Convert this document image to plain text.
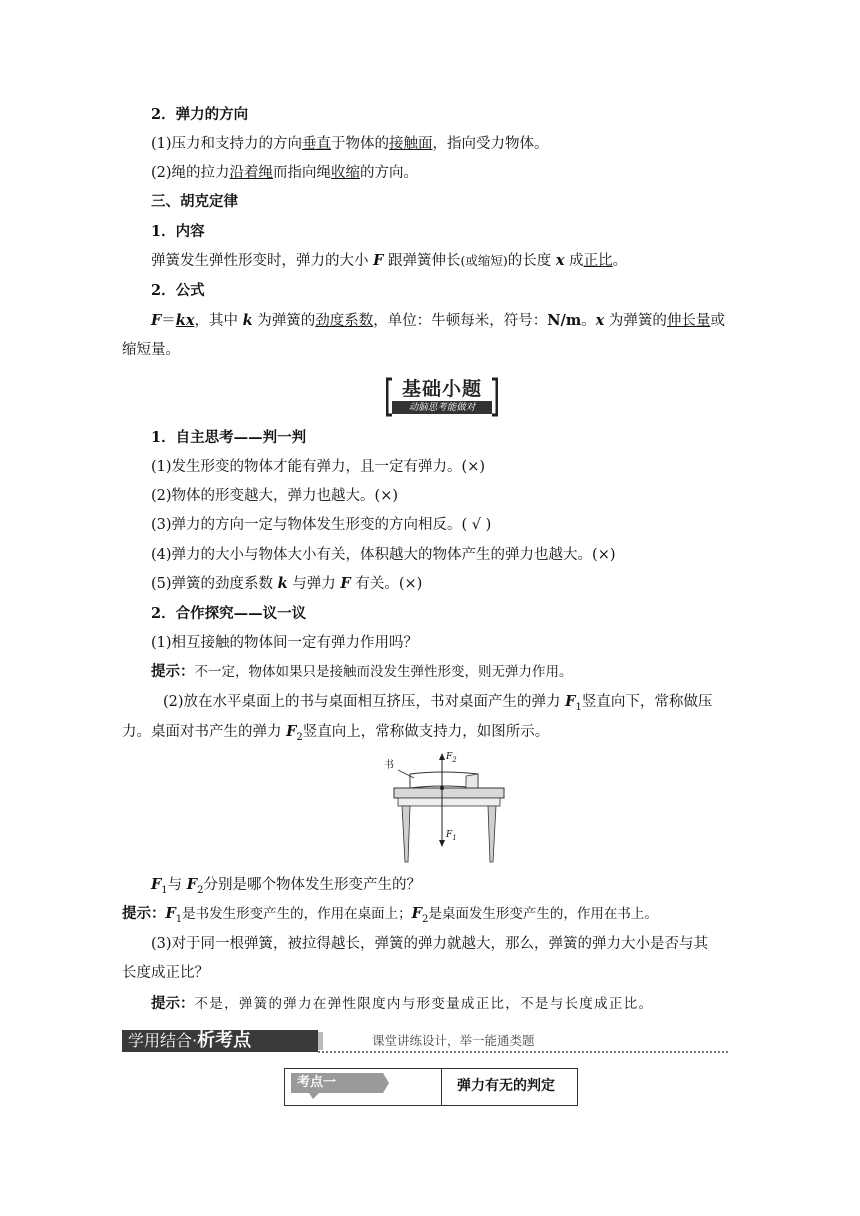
2．弹力的方向
(1)压力和支持力的方向垂直于物体的接触面，指向受力物体。
(2)绳的拉力沿着绳而指向绳收缩的方向。
三、胡克定律
1．内容
弹簧发生弹性形变时，弹力的大小 F 跟弹簧伸长(或缩短)的长度 x 成正比。
2．公式
F＝kx，其中 k 为弹簧的劲度系数，单位：牛顿每米，符号：N/m。x 为弹簧的伸长量或
缩短量。
基础小题
动脑思考能做对
1．自主思考——判一判
(1)发生形变的物体才能有弹力，且一定有弹力。(×)
(2)物体的形变越大，弹力也越大。(×)
(3)弹力的方向一定与物体发生形变的方向相反。( √ )
(4)弹力的大小与物体大小有关，体积越大的物体产生的弹力也越大。(×)
(5)弹簧的劲度系数 k 与弹力 F 有关。(×)
2．合作探究——议一议
(1)相互接触的物体间一定有弹力作用吗？
提示：不一定，物体如果只是接触而没发生弹性形变，则无弹力作用。
(2)放在水平桌面上的书与桌面相互挤压，书对桌面产生的弹力 $F_1$竖直向下，常称做压
力。桌面对书产生的弹力 $F_2$竖直向上，常称做支持力，如图所示。
书
$F_2$
$F_1$
$F_1$与 $F_2$分别是哪个物体发生形变产生的？
提示：$F_1$是书发生形变产生的，作用在桌面上；$F_2$是桌面发生形变产生的，作用在书上。
(3)对于同一根弹簧，被拉得越长，弹簧的弹力就越大，那么，弹簧的弹力大小是否与其
长度成正比？
提示：不是，弹簧的弹力在弹性限度内与形变量成正比，不是与长度成正比。
学用结合·析考点	课堂讲练设计，举一能通类题
考点一	弹力有无的判定
